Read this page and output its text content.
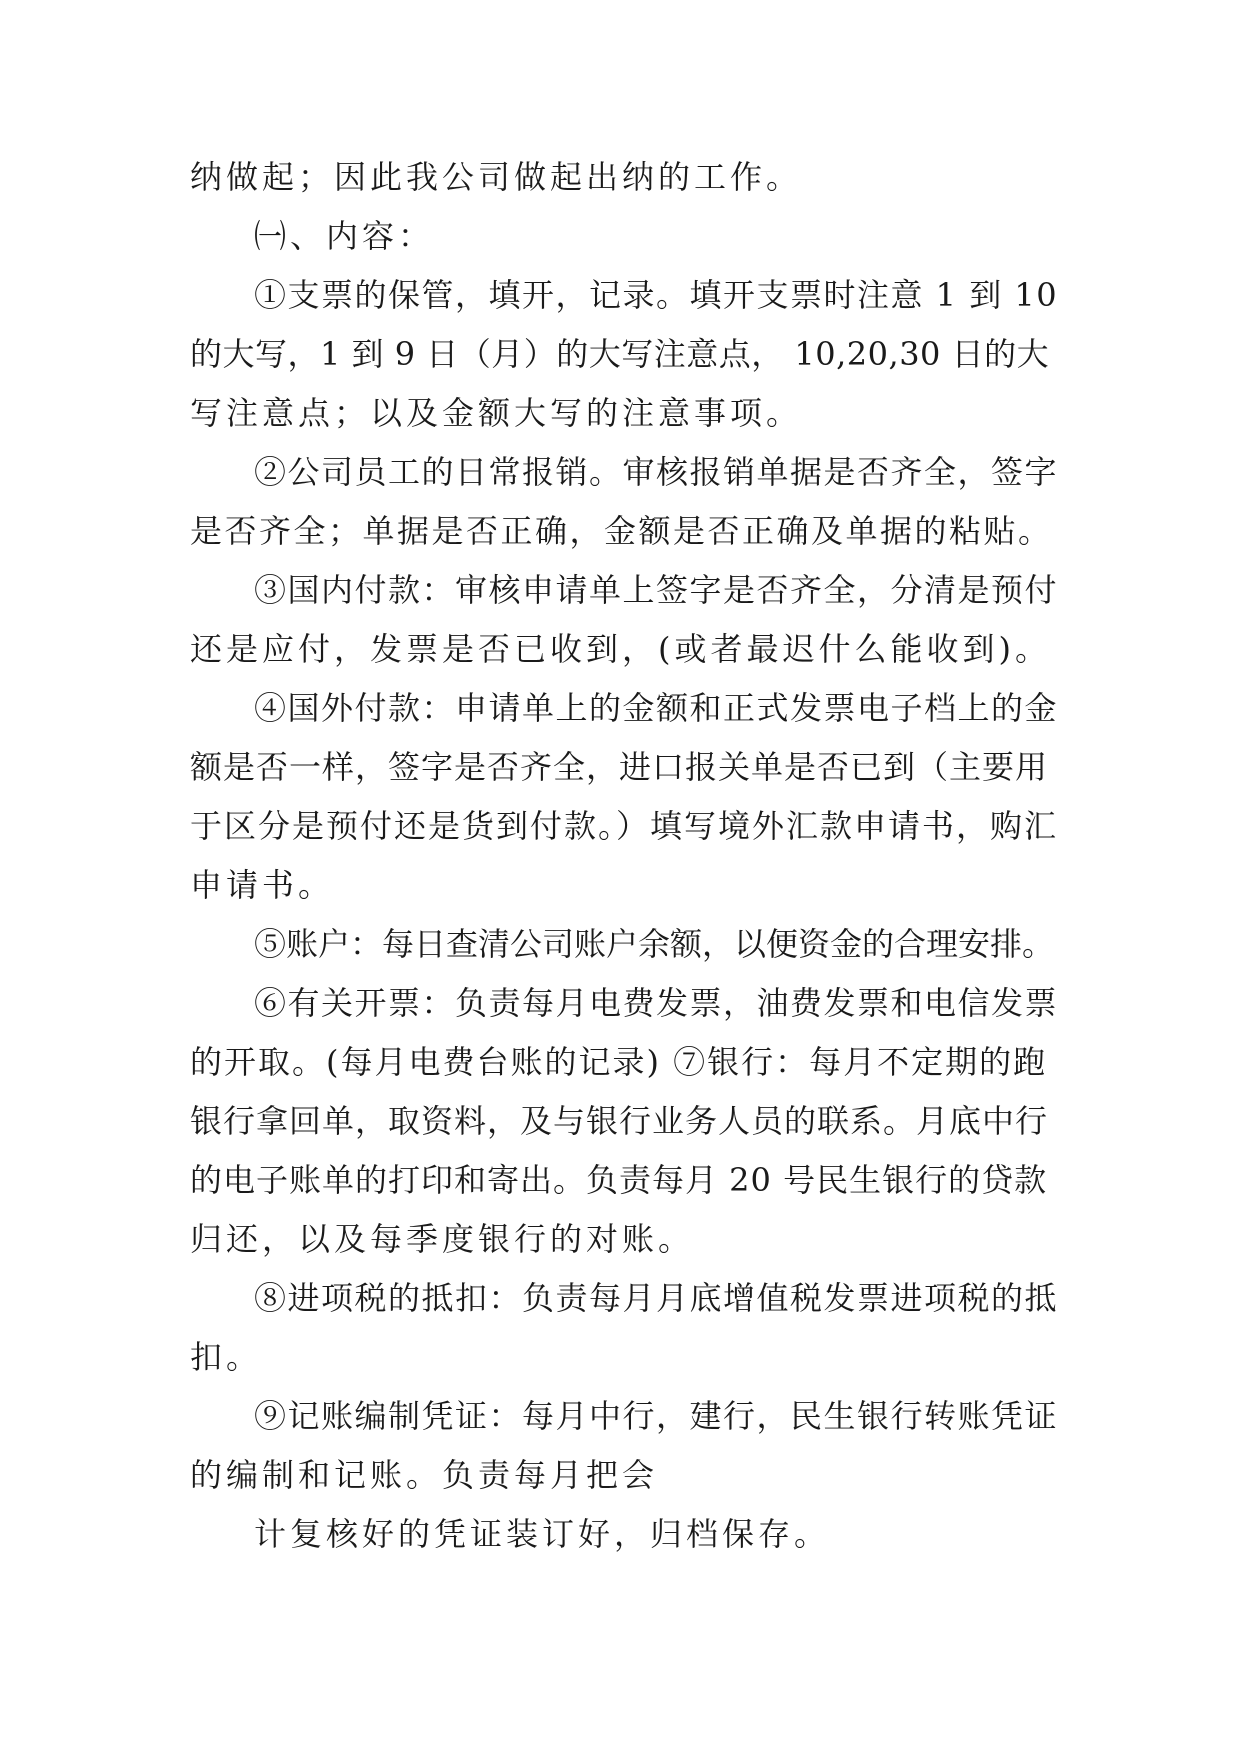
纳做起；因此我公司做起出纳的工作。
㈠、内容：
①支票的保管，填开，记录。填开支票时注意 1 到 10
的大写，1 到 9 日（月）的大写注意点， 10,20,30 日的大
写注意点；以及金额大写的注意事项。
②公司员工的日常报销。审核报销单据是否齐全，签字
是否齐全；单据是否正确，金额是否正确及单据的粘贴。
③国内付款：审核申请单上签字是否齐全，分清是预付
还是应付，发票是否已收到，(或者最迟什么能收到)。
④国外付款：申请单上的金额和正式发票电子档上的金
额是否一样，签字是否齐全，进口报关单是否已到（主要用
于区分是预付还是货到付款。）填写境外汇款申请书，购汇
申请书。
⑤账户：每日查清公司账户余额，以便资金的合理安排。
⑥有关开票：负责每月电费发票，油费发票和电信发票
的开取。(每月电费台账的记录) ⑦银行：每月不定期的跑
银行拿回单，取资料，及与银行业务人员的联系。月底中行
的电子账单的打印和寄出。负责每月 20 号民生银行的贷款
归还，以及每季度银行的对账。
⑧进项税的抵扣：负责每月月底增值税发票进项税的抵
扣。
⑨记账编制凭证：每月中行，建行，民生银行转账凭证
的编制和记账。负责每月把会
计复核好的凭证装订好，归档保存。
